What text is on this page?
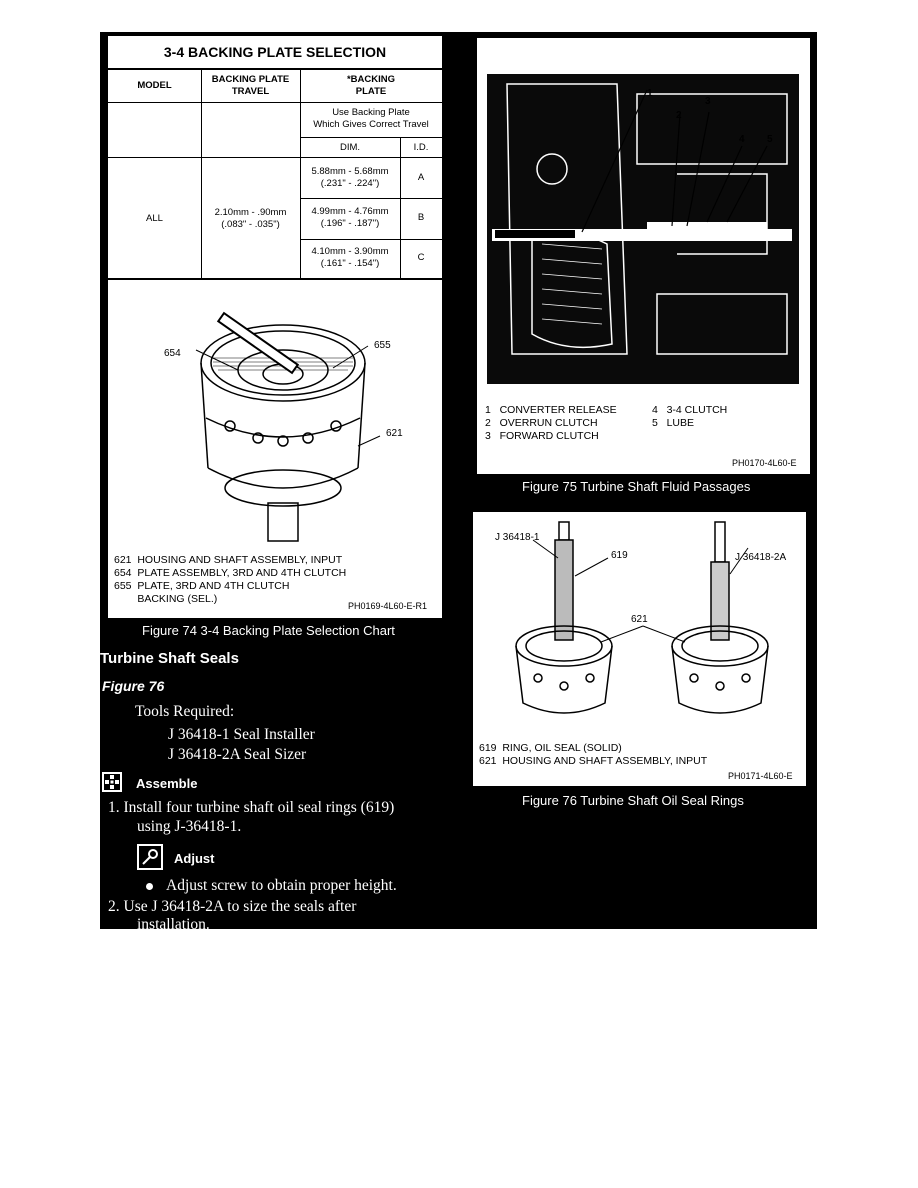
3-4 BACKING PLATE SELECTION
MODEL
BACKING PLATE
TRAVEL
*BACKING
PLATE
Use Backing Plate
Which Gives Correct Travel
DIM.	I.D.
ALL
2.10mm - .90mm
(.083" - .035")
5.88mm - 5.68mm
(.231" - .224")
A
4.99mm - 4.76mm
(.196" - .187")
B
4.10mm - 3.90mm
(.161" - .154")
C
654
655
621
621  HOUSING AND SHAFT ASSEMBLY, INPUT
654  PLATE ASSEMBLY, 3RD AND 4TH CLUTCH
655  PLATE, 3RD AND 4TH CLUTCH
BACKING (SEL.)
PH0169-4L60-E-R1
Figure 74 3-4 Backing Plate Selection Chart
1
2
3
4 5
1   CONVERTER RELEASE
2   OVERRUN CLUTCH
3   FORWARD CLUTCH
4   3-4 CLUTCH
5   LUBE
PH0170-4L60-E
Figure 75 Turbine Shaft Fluid Passages
J 36418-1
619	J 36418-2A
621
619  RING, OIL SEAL (SOLID)
621  HOUSING AND SHAFT ASSEMBLY, INPUT
PH0171-4L60-E
Figure 76 Turbine Shaft Oil Seal Rings
Turbine Shaft Seals
Figure 76
Tools Required:
J 36418-1 Seal Installer
J 36418-2A Seal Sizer
Assemble
1. Install four turbine shaft oil seal rings (619)
using J-36418-1.
Adjust
Adjust screw to obtain proper height.
2. Use J 36418-2A to size the seals after
installation.
